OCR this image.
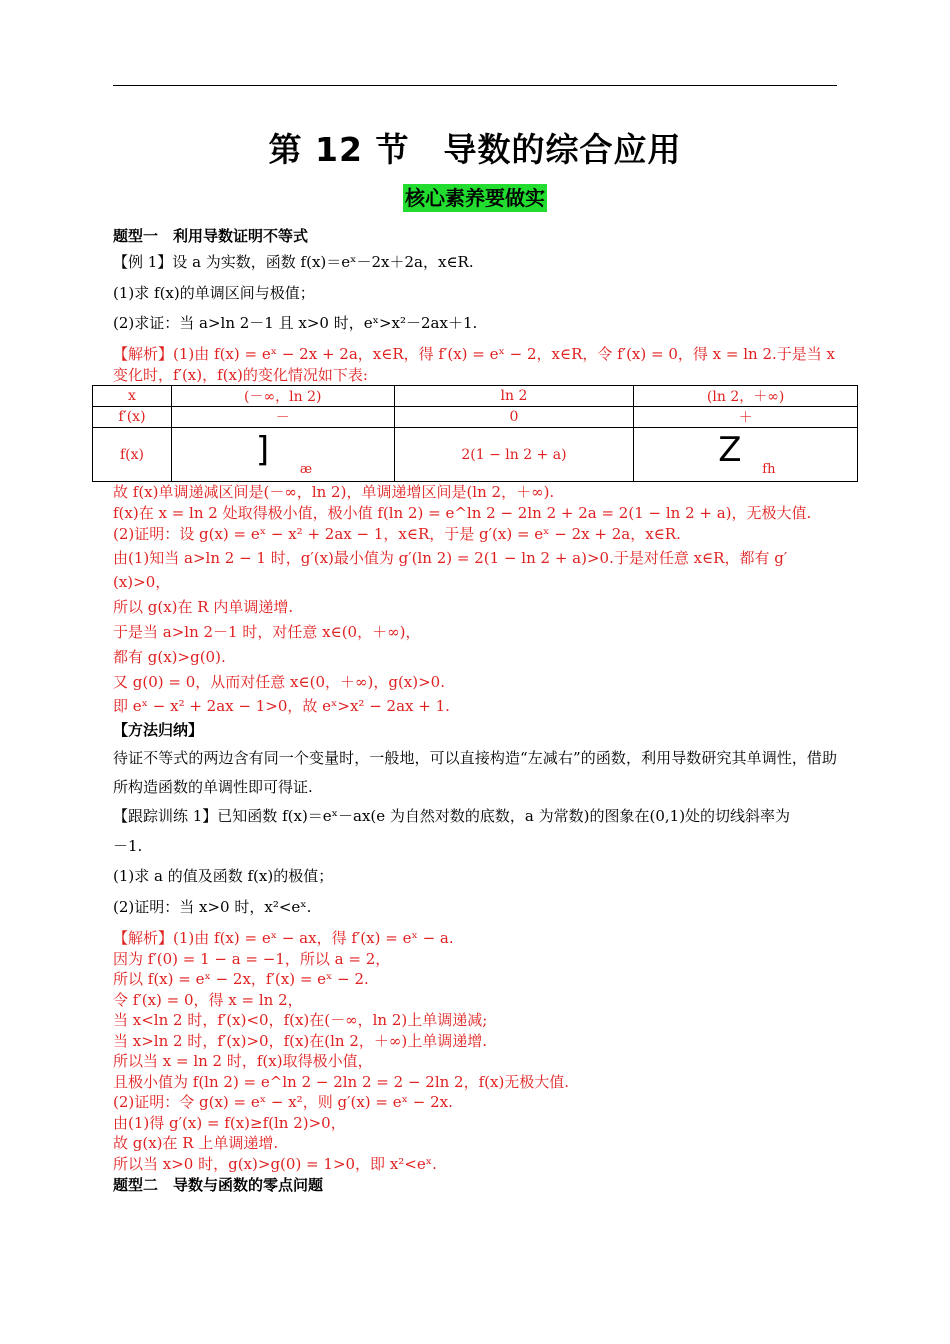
第 12 节　导数的综合应用
核心素养要做实
题型一　利用导数证明不等式
【例 1】设 a 为实数，函数 f(x)＝eˣ－2x＋2a，x∈R.
(1)求 f(x)的单调区间与极值；
(2)求证：当 a>ln 2－1 且 x>0 时，eˣ>x²－2ax＋1.
【解析】(1)由 f(x) = eˣ − 2x + 2a，x∈R，得 f′(x) = eˣ − 2，x∈R，令 f′(x) = 0，得 x = ln 2.于是当 x
变化时，f′(x)，f(x)的变化情况如下表:
故 f(x)单调递减区间是(－∞，ln 2)，单调递增区间是(ln 2，＋∞).
f(x)在 x = ln 2 处取得极小值，极小值 f(ln 2) = e^ln 2 − 2ln 2 + 2a = 2(1 − ln 2 + a)，无极大值.
(2)证明：设 g(x) = eˣ − x² + 2ax − 1，x∈R，于是 g′(x) = eˣ − 2x + 2a，x∈R.
由(1)知当 a>ln 2 − 1 时，g′(x)最小值为 g′(ln 2) = 2(1 − ln 2 + a)>0.于是对任意 x∈R，都有 g′
(x)>0，
所以 g(x)在 R 内单调递增.
于是当 a>ln 2－1 时，对任意 x∈(0，＋∞)，
都有 g(x)>g(0).
又 g(0) = 0，从而对任意 x∈(0，＋∞)，g(x)>0.
即 eˣ − x² + 2ax − 1>0，故 eˣ>x² − 2ax + 1.
【方法归纳】
【跟踪训练 1】已知函数 f(x)＝eˣ－ax(e 为自然对数的底数，a 为常数)的图象在(0,1)处的切线斜率为
－1.
(1)求 a 的值及函数 f(x)的极值；
(2)证明：当 x>0 时，x²<eˣ.
【解析】(1)由 f(x) = eˣ − ax，得 f′(x) = eˣ − a.
因为 f′(0) = 1 − a = −1，所以 a = 2，
所以 f(x) = eˣ − 2x，f′(x) = eˣ − 2.
令 f′(x) = 0，得 x = ln 2，
当 x<ln 2 时，f′(x)<0，f(x)在(－∞，ln 2)上单调递减;
当 x>ln 2 时，f′(x)>0，f(x)在(ln 2，＋∞)上单调递增.
所以当 x = ln 2 时，f(x)取得极小值，
且极小值为 f(ln 2) = e^ln 2 − 2ln 2 = 2 − 2ln 2，f(x)无极大值.
(2)证明：令 g(x) = eˣ − x²，则 g′(x) = eˣ − 2x.
由(1)得 g′(x) = f(x)≥f(ln 2)>0，
故 g(x)在 R 上单调递增.
所以当 x>0 时，g(x)>g(0) = 1>0，即 x²<eˣ.
题型二　导数与函数的零点问题
待证不等式的两边含有同一个变量时，一般地，可以直接构造“左减右”的函数，利用导数研究其单调性，借助所构造函数的单调性即可得证.
x	(－∞，ln 2)	ln 2	(ln 2，＋∞)
f′(x)	－	0	＋
f(x)	] æ	2(1 − ln 2 + a)	Z fh
